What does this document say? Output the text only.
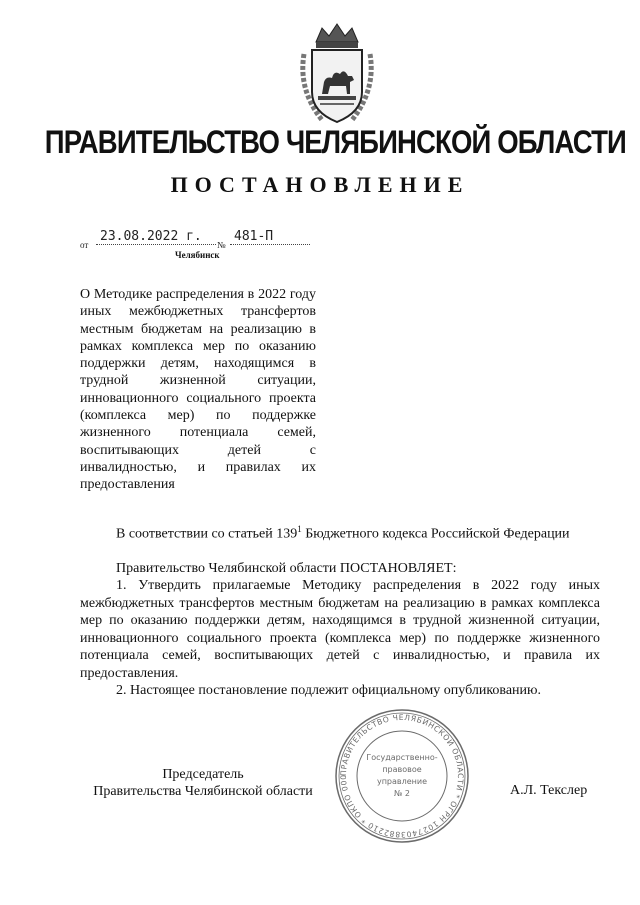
ПРАВИТЕЛЬСТВО ЧЕЛЯБИНСКОЙ ОБЛАСТИ
ПОСТАНОВЛЕНИЕ
от
23.08.2022 г.
№
481-П
Челябинск
О Методике распределения в 2022 году иных межбюджетных трансфертов местным бюджетам на реализацию в рамках комплекса мер по оказанию поддержки детям, находящимся в трудной жизненной ситуации, инновационного социального проекта (комплекса мер) по поддержке жизненного потенциала семей, воспитывающих детей с инвалидностью, и правилах их предоставления
В соответствии со статьей $139^1$ Бюджетного кодекса Российской Федерации
Правительство Челябинской области ПОСТАНОВЛЯЕТ:
1. Утвердить прилагаемые Методику распределения в 2022 году иных межбюджетных трансфертов местным бюджетам на реализацию в рамках комплекса мер по оказанию поддержки детям, находящимся в трудной жизненной ситуации, инновационного социального проекта (комплекса мер) по поддержке жизненного потенциала семей, воспитывающих детей с инвалидностью, и правила их предоставления.
2. Настоящее постановление подлежит официальному опубликованию.
ПРАВИТЕЛЬСТВО ЧЕЛЯБИНСКОЙ ОБЛАСТИ * ОГРН 1027403882210 * ОКПО 000
Государственно-
правовое
управление
№ 2
Председатель
Правительства Челябинской области	А.Л. Текслер
